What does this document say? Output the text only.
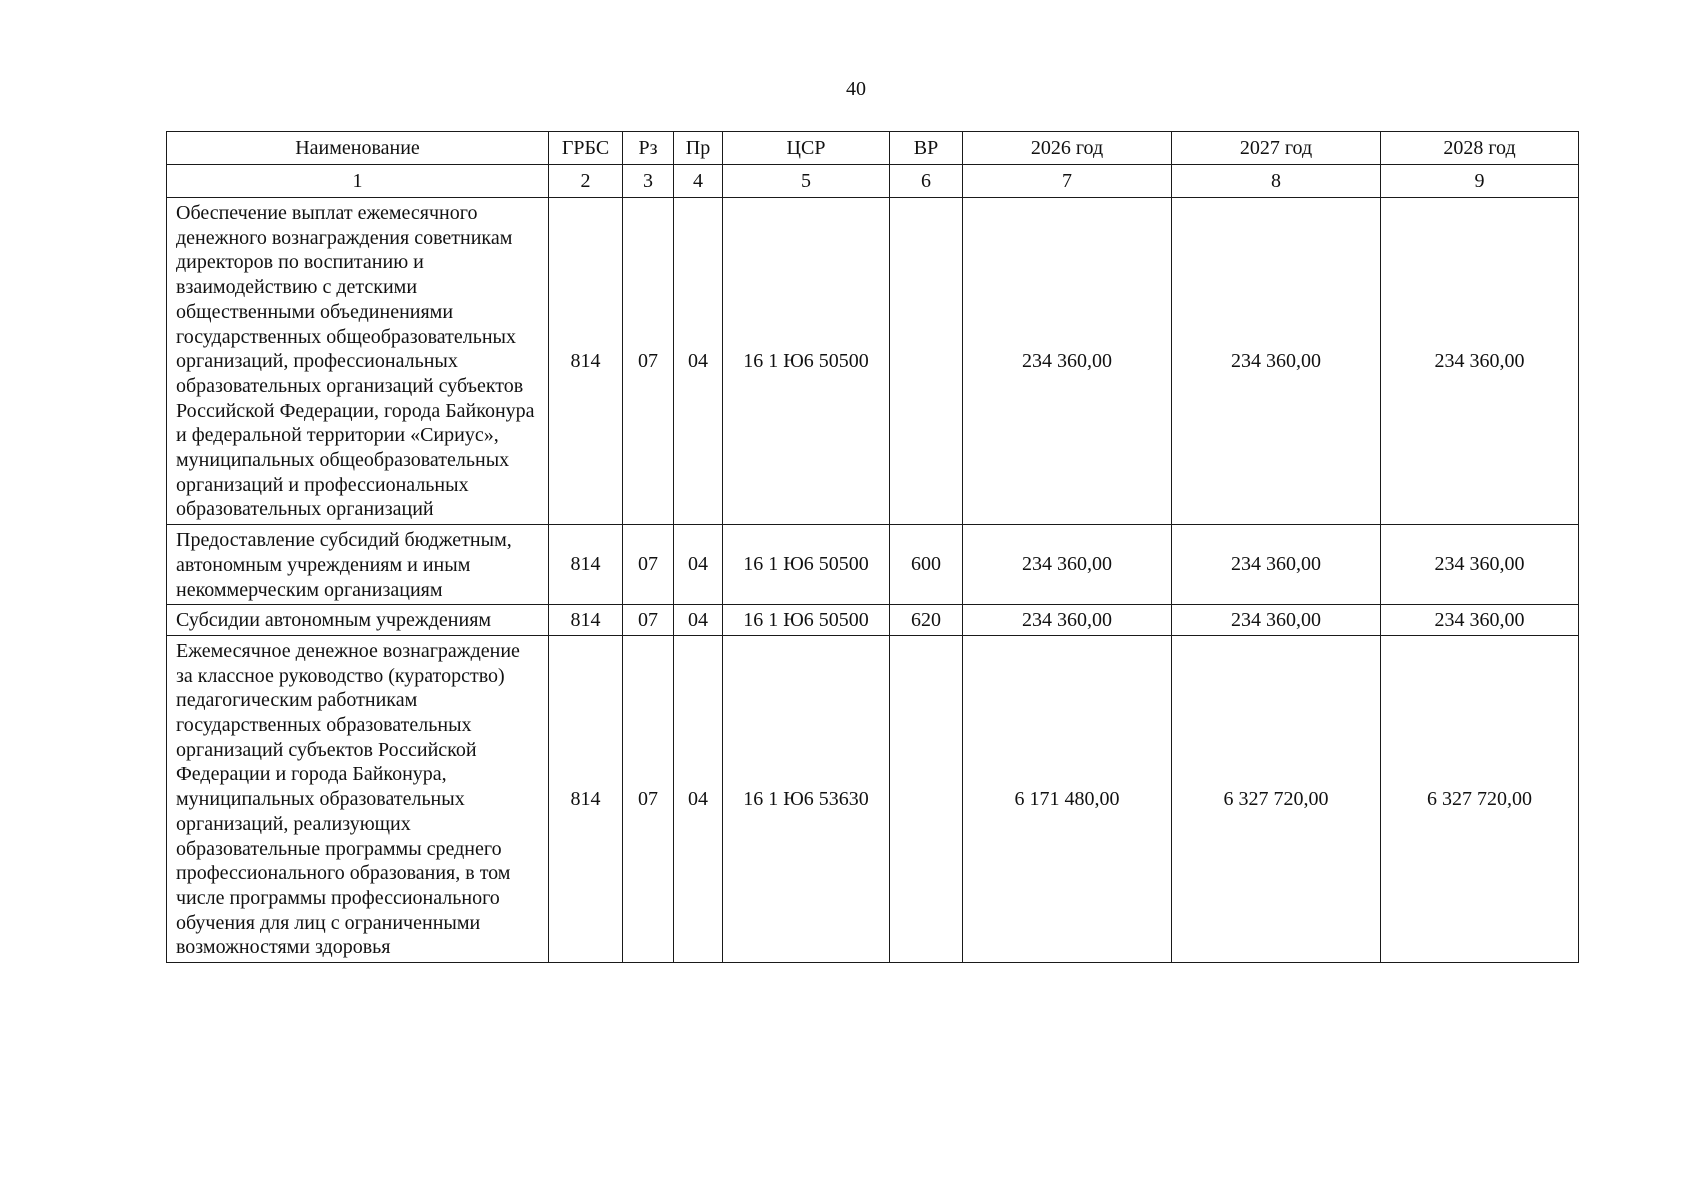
40
Наименование	ГРБС	Рз	Пр	ЦСР	ВР	2026 год	2027 год	2028 год
1	2	3	4	5	6	7	8	9
Обеспечение выплат ежемесячного денежного вознаграждения советникам директоров по воспитанию и взаимодействию с детскими общественными объединениями государственных общеобразовательных организаций, профессиональных образовательных организаций субъектов Российской Федерации, города Байконура и федеральной территории «Сириус», муниципальных общеобразовательных организаций и профессиональных образовательных организаций	814	07	04	16 1 Ю6 50500		234 360,00	234 360,00	234 360,00
Предоставление субсидий бюджетным, автономным учреждениям и иным некоммерческим организациям	814	07	04	16 1 Ю6 50500	600	234 360,00	234 360,00	234 360,00
Субсидии автономным учреждениям	814	07	04	16 1 Ю6 50500	620	234 360,00	234 360,00	234 360,00
Ежемесячное денежное вознаграждение за классное руководство (кураторство) педагогическим работникам государственных образовательных организаций субъектов Российской Федерации и города Байконура, муниципальных образовательных организаций, реализующих образовательные программы среднего профессионального образования, в том числе программы профессионального обучения для лиц с ограниченными возможностями здоровья	814	07	04	16 1 Ю6 53630		6 171 480,00	6 327 720,00	6 327 720,00
